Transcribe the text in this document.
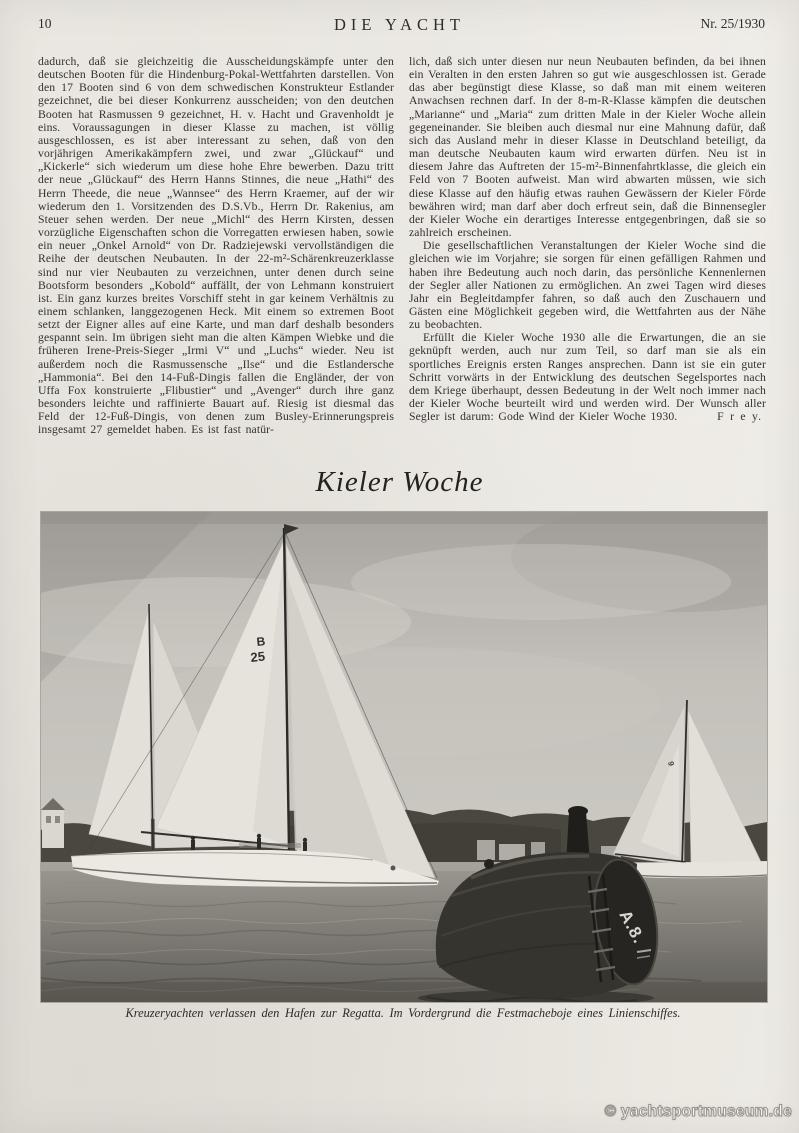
10	DIE YACHT	Nr. 25/1930

dadurch, daß sie gleichzeitig die Ausscheidungskämpfe unter den deutschen Booten für die Hindenburg-Pokal-Wettfahrten darstellen. Von den 17 Booten sind 6 von dem schwedischen Konstrukteur Estlander gezeichnet, die bei dieser Konkurrenz ausscheiden; von den deutchen Booten hat Rasmussen 9 gezeichnet, H. v. Hacht und Gravenholdt je eins. Voraussagungen in dieser Klasse zu machen, ist völlig ausgeschlossen, es ist aber interessant zu sehen, daß von den vorjährigen Amerikakämpfern zwei, und zwar „Glückauf“ und „Kickerle“ sich wiederum um diese hohe Ehre bewerben. Dazu tritt der neue „Glückauf“ des Herrn Hanns Stinnes, die neue „Hathi“ des Herrn Theede, die neue „Wannsee“ des Herrn Kraemer, auf der wir wiederum den 1. Vorsitzenden des D.S.Vb., Herrn Dr. Rakenius, am Steuer sehen werden. Der neue „Michl“ des Herrn Kirsten, dessen vorzügliche Eigenschaften schon die Vorregatten erwiesen haben, sowie ein neuer „Onkel Arnold“ von Dr. Radziejewski vervollständigen die Reihe der deutschen Neubauten. In der 22-m²-Schärenkreuzerklasse sind nur vier Neubauten zu verzeichnen, unter denen durch seine Bootsform besonders „Kobold“ auffällt, der von Lehmann konstruiert ist. Ein ganz kurzes breites Vorschiff steht in gar keinem Verhältnis zu einem schlanken, langgezogenen Heck. Mit einem so extremen Boot setzt der Eigner alles auf eine Karte, und man darf deshalb besonders gespannt sein. Im übrigen sieht man die alten Kämpen Wiebke und die früheren Irene-Preis-Sieger „Irmi V“ und „Luchs“ wieder. Neu ist außerdem noch die Rasmussensche „Ilse“ und die Estlandersche „Hammonia“. Bei den 14-Fuß-Dingis fallen die Engländer, der von Uffa Fox konstruierte „Flibustier“ und „Avenger“ durch ihre ganz besonders leichte und raffinierte Bauart auf. Riesig ist diesmal das Feld der 12-Fuß-Dingis, von denen zum Busley-Erinnerungspreis insgesamt 27 gemeldet haben. Es ist fast natür-

lich, daß sich unter diesen nur neun Neubauten befinden, da bei ihnen ein Veralten in den ersten Jahren so gut wie ausgeschlossen ist. Gerade das aber begünstigt diese Klasse, so daß man mit einem weiteren Anwachsen rechnen darf. In der 8-m-R-Klasse kämpfen die deutschen „Marianne“ und „Maria“ zum dritten Male in der Kieler Woche allein gegeneinander. Sie bleiben auch diesmal nur eine Mahnung dafür, daß sich das Ausland mehr in dieser Klasse in Deutschland beteiligt, da man deutsche Neubauten kaum wird erwarten dürfen. Neu ist in diesem Jahre das Auftreten der 15-m²-Binnenfahrtklasse, die gleich ein Feld von 7 Booten aufweist. Man wird abwarten müssen, wie sich diese Klasse auf den häufig etwas rauhen Gewässern der Kieler Förde bewähren wird; man darf aber doch erfreut sein, daß die Binnensegler der Kieler Woche ein derartiges Interesse entgegenbringen, daß sie so zahlreich erscheinen.

Die gesellschaftlichen Veranstaltungen der Kieler Woche sind die gleichen wie im Vorjahre; sie sorgen für einen gefälligen Rahmen und haben ihre Bedeutung auch noch darin, das persönliche Kennenlernen der Segler aller Nationen zu ermöglichen. An zwei Tagen wird dieses Jahr ein Begleitdampfer fahren, so daß auch den Zuschauern und Gästen eine Möglichkeit gegeben wird, die Wettfahrten aus der Nähe zu beobachten.

Erfüllt die Kieler Woche 1930 alle die Erwartungen, die an sie geknüpft werden, auch nur zum Teil, so darf man sie als ein sportliches Ereignis ersten Ranges ansprechen. Dann ist sie ein guter Schritt vorwärts in der Entwicklung des deutschen Segelsportes nach dem Kriege überhaupt, dessen Bedeutung in der Welt noch immer nach der Kieler Woche beurteilt wird und werden wird. Der Wunsch aller Segler ist darum: Gode Wind der Kieler Woche 1930.	F r e y.
Kieler Woche
B
25
9
A.8.
Kreuzeryachten verlassen den Hafen zur Regatta. Im Vordergrund die Festmacheboje eines Linienschiffes.
© yachtsportmuseum.de
